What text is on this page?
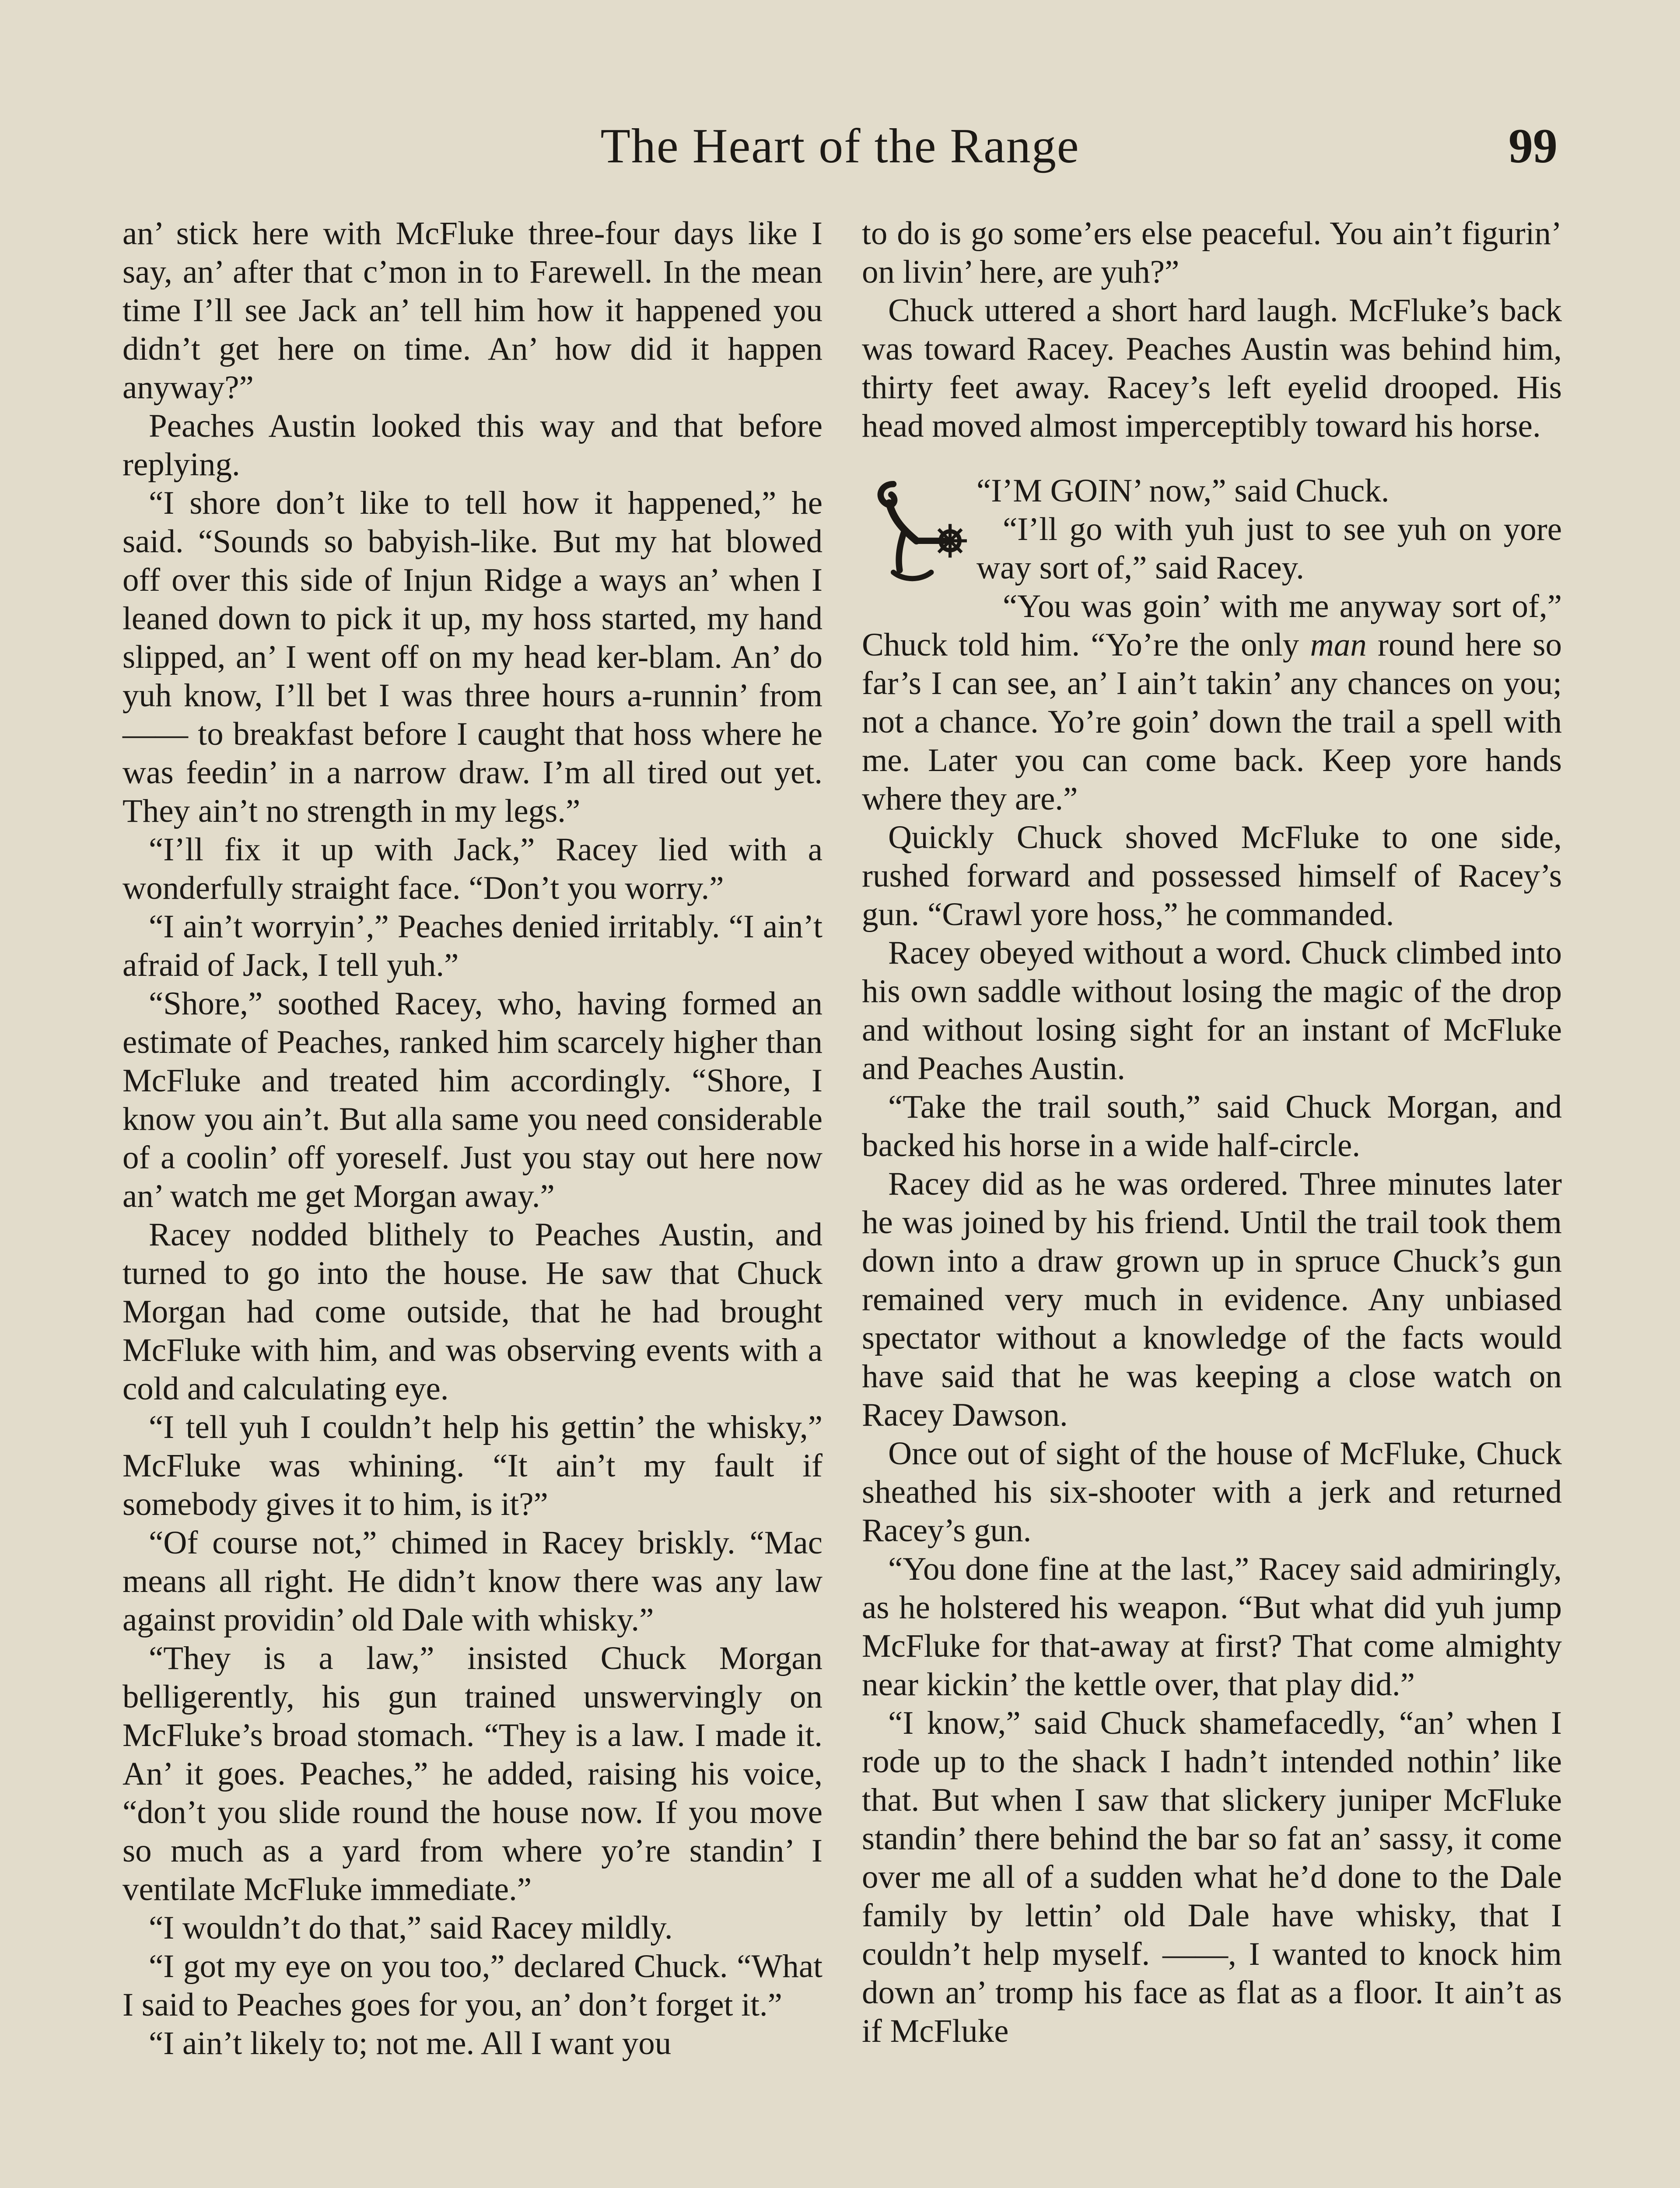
The Heart of the Range	99

an’ stick here with McFluke three-four days like I say, an’ after that c’mon in to Farewell. In the mean time I’ll see Jack an’ tell him how it happened you didn’t get here on time. An’ how did it happen anyway?”

Peaches Austin looked this way and that before replying.

“I shore don’t like to tell how it happened,” he said. “Sounds so babyish-like. But my hat blowed off over this side of Injun Ridge a ways an’ when I leaned down to pick it up, my hoss started, my hand slipped, an’ I went off on my head ker-blam. An’ do yuh know, I’ll bet I was three hours a-runnin’ from —— to breakfast before I caught that hoss where he was feedin’ in a narrow draw. I’m all tired out yet. They ain’t no strength in my legs.”

“I’ll fix it up with Jack,” Racey lied with a wonderfully straight face. “Don’t you worry.”

“I ain’t worryin’,” Peaches denied irritably. “I ain’t afraid of Jack, I tell yuh.”

“Shore,” soothed Racey, who, having formed an estimate of Peaches, ranked him scarcely higher than McFluke and treated him accordingly. “Shore, I know you ain’t. But alla same you need considerable of a coolin’ off yoreself. Just you stay out here now an’ watch me get Morgan away.”

Racey nodded blithely to Peaches Austin, and turned to go into the house. He saw that Chuck Morgan had come outside, that he had brought McFluke with him, and was observing events with a cold and calculating eye.

“I tell yuh I couldn’t help his gettin’ the whisky,” McFluke was whining. “It ain’t my fault if somebody gives it to him, is it?”

“Of course not,” chimed in Racey briskly. “Mac means all right. He didn’t know there was any law against providin’ old Dale with whisky.”

“They is a law,” insisted Chuck Morgan belligerently, his gun trained unswervingly on McFluke’s broad stomach. “They is a law. I made it. An’ it goes. Peaches,” he added, raising his voice, “don’t you slide round the house now. If you move so much as a yard from where yo’re standin’ I ventilate McFluke immediate.”

“I wouldn’t do that,” said Racey mildly.

“I got my eye on you too,” declared Chuck. “What I said to Peaches goes for you, an’ don’t forget it.”

“I ain’t likely to; not me. All I want you

to do is go some’ers else peaceful. You ain’t figurin’ on livin’ here, are yuh?”

Chuck uttered a short hard laugh. McFluke’s back was toward Racey. Peaches Austin was behind him, thirty feet away. Racey’s left eyelid drooped. His head moved almost imperceptibly toward his horse.

“I’M GOIN’ now,” said Chuck.

“I’ll go with yuh just to see yuh on yore way sort of,” said Racey.

“You was goin’ with me anyway sort of,” Chuck told him. “Yo’re the only man round here so far’s I can see, an’ I ain’t takin’ any chances on you; not a chance. Yo’re goin’ down the trail a spell with me. Later you can come back. Keep yore hands where they are.”

Quickly Chuck shoved McFluke to one side, rushed forward and possessed himself of Racey’s gun. “Crawl yore hoss,” he commanded.

Racey obeyed without a word. Chuck climbed into his own saddle without losing the magic of the drop and without losing sight for an instant of McFluke and Peaches Austin.

“Take the trail south,” said Chuck Morgan, and backed his horse in a wide half-circle.

Racey did as he was ordered. Three minutes later he was joined by his friend. Until the trail took them down into a draw grown up in spruce Chuck’s gun remained very much in evidence. Any unbiased spectator without a knowledge of the facts would have said that he was keeping a close watch on Racey Dawson.

Once out of sight of the house of McFluke, Chuck sheathed his six-shooter with a jerk and returned Racey’s gun.

“You done fine at the last,” Racey said admiringly, as he holstered his weapon. “But what did yuh jump McFluke for that-away at first? That come almighty near kickin’ the kettle over, that play did.”

“I know,” said Chuck shamefacedly, “an’ when I rode up to the shack I hadn’t intended nothin’ like that. But when I saw that slickery juniper McFluke standin’ there behind the bar so fat an’ sassy, it come over me all of a sudden what he’d done to the Dale family by lettin’ old Dale have whisky, that I couldn’t help myself. ——, I wanted to knock him down an’ tromp his face as flat as a floor. It ain’t as if McFluke
